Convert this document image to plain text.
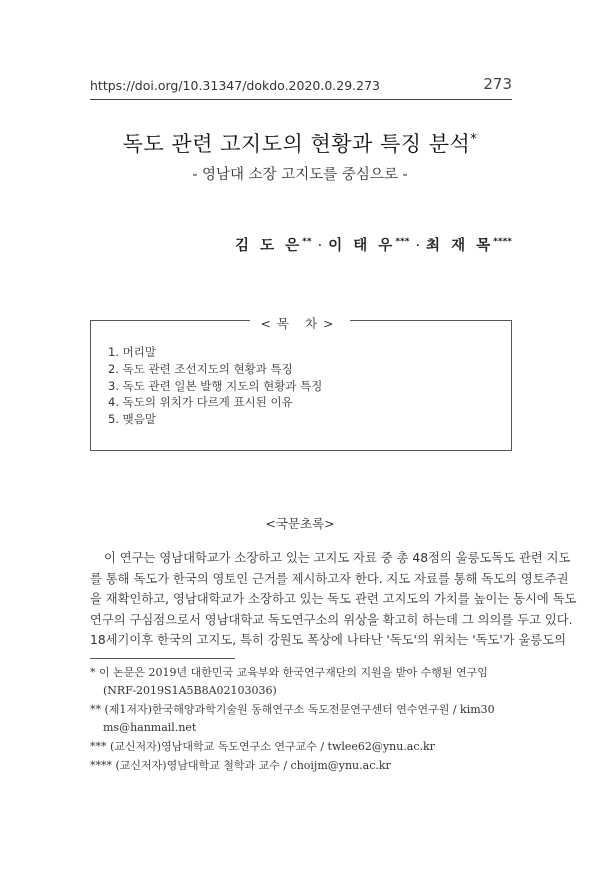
https://doi.org/10.31347/dokdo.2020.0.29.273	273
독도 관련 고지도의 현황과 특징 분석*
- 영남대 소장 고지도를 중심으로 -
김 도 은** · 이 태 우*** · 최 재 목****
<목 차>
1. 머리말
2. 독도 관련 조선지도의 현황과 특징
3. 독도 관련 일본 발행 지도의 현황과 특징
4. 독도의 위치가 다르게 표시된 이유
5. 맺음말
<국문초록>

이 연구는 영남대학교가 소장하고 있는 고지도 자료 중 총 48점의 울릉도독도 관련 지도
를 통해 독도가 한국의 영토인 근거를 제시하고자 한다. 지도 자료를 통해 독도의 영토주권
을 재확인하고, 영남대학교가 소장하고 있는 독도 관련 고지도의 가치를 높이는 동시에 독도
연구의 구심점으로서 영남대학교 독도연구소의 위상을 확고히 하는데 그 의의를 두고 있다.
18세기이후 한국의 고지도, 특히 강원도 폭상에 나타난 '독도'의 위치는 '독도'가 울릉도의

* 이 논문은 2019년 대한민국 교육부와 한국연구재단의 지원을 받아 수행된 연구임
(NRF-2019S1A5B8A02103036)
** (제1저자)한국해양과학기술원 동해연구소 독도전문연구센터 연수연구원 / kim30
ms@hanmail.net
*** (교신저자)영남대학교 독도연구소 연구교수 / twlee62@ynu.ac.kr
**** (교신저자)영남대학교 철학과 교수 / choijm@ynu.ac.kr
